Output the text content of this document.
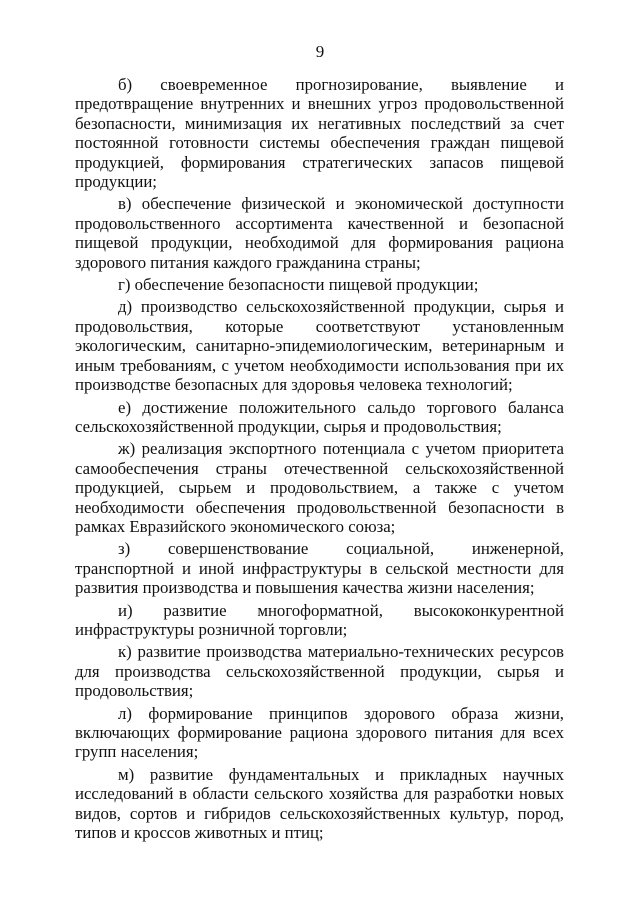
9

б) своевременное прогнозирование, выявление и предотвращение внутренних и внешних угроз продовольственной безопасности, минимизация их негативных последствий за счет постоянной готовности системы обеспечения граждан пищевой продукцией, формирования стратегических запасов пищевой продукции;

в) обеспечение физической и экономической доступности продовольственного ассортимента качественной и безопасной пищевой продукции, необходимой для формирования рациона здорового питания каждого гражданина страны;

г) обеспечение безопасности пищевой продукции;

д) производство сельскохозяйственной продукции, сырья и продовольствия, которые соответствуют установленным экологическим, санитарно-эпидемиологическим, ветеринарным и иным требованиям, с учетом необходимости использования при их производстве безопасных для здоровья человека технологий;

е) достижение положительного сальдо торгового баланса сельскохозяйственной продукции, сырья и продовольствия;

ж) реализация экспортного потенциала с учетом приоритета самообеспечения страны отечественной сельскохозяйственной продукцией, сырьем и продовольствием, а также с учетом необходимости обеспечения продовольственной безопасности в рамках Евразийского экономического союза;

з) совершенствование социальной, инженерной, транспортной и иной инфраструктуры в сельской местности для развития производства и повышения качества жизни населения;

и) развитие многоформатной, высококонкурентной инфраструктуры розничной торговли;

к) развитие производства материально-технических ресурсов для производства сельскохозяйственной продукции, сырья и продовольствия;

л) формирование принципов здорового образа жизни, включающих формирование рациона здорового питания для всех групп населения;

м) развитие фундаментальных и прикладных научных исследований в области сельского хозяйства для разработки новых видов, сортов и гибридов сельскохозяйственных культур, пород, типов и кроссов животных и птиц;
